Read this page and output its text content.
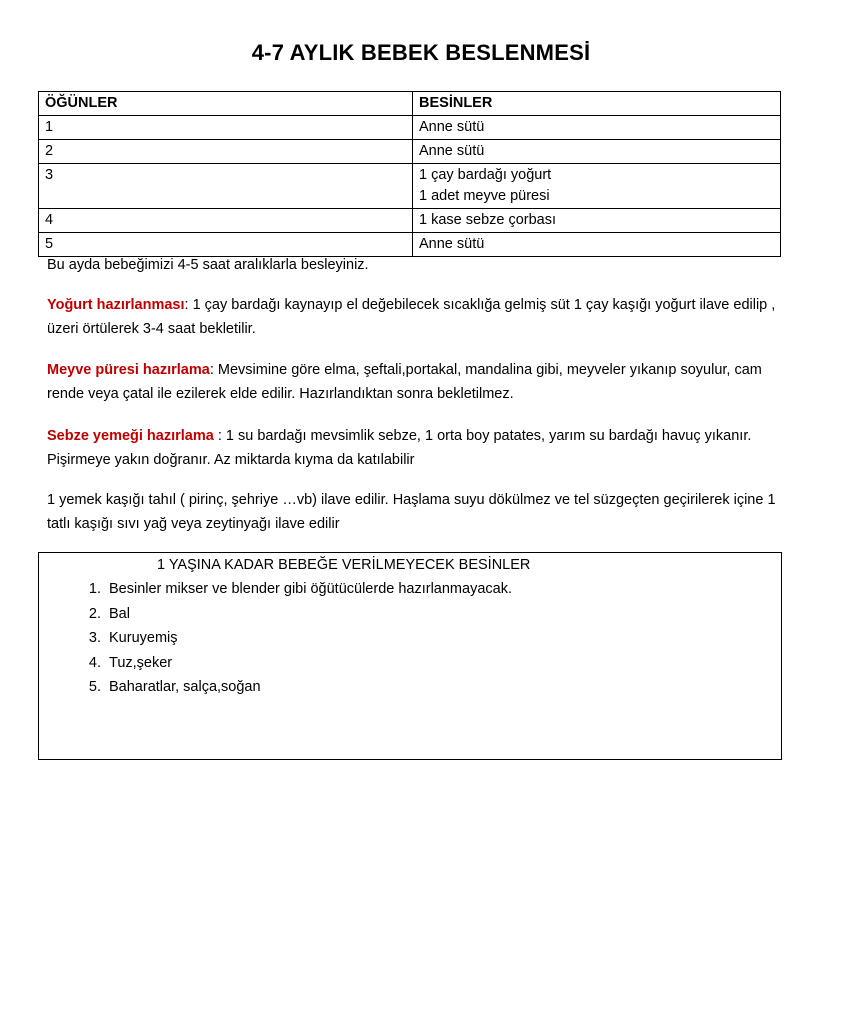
4-7 AYLIK BEBEK BESLENMESİ
ÖĞÜNLER	BESİNLER
1	Anne sütü

2	Anne sütü

3	1 çay bardağı yoğurt
1 adet meyve püresi

4	1 kase sebze çorbası

5	Anne sütü
Bu ayda bebeğimizi 4-5 saat aralıklarla besleyiniz.
Yoğurt hazırlanması: 1 çay bardağı kaynayıp el değebilecek sıcaklığa gelmiş süt 1 çay kaşığı yoğurt ilave edilip , üzeri örtülerek 3-4 saat bekletilir.
Meyve püresi hazırlama: Mevsimine göre elma, şeftali,portakal, mandalina gibi, meyveler yıkanıp soyulur, cam rende veya çatal ile ezilerek elde edilir. Hazırlandıktan sonra bekletilmez.
Sebze yemeği hazırlama : 1 su bardağı mevsimlik sebze, 1 orta boy patates, yarım su bardağı havuç yıkanır. Pişirmeye yakın doğranır. Az miktarda kıyma da katılabilir
1 yemek kaşığı tahıl ( pirinç, şehriye …vb) ilave edilir. Haşlama suyu dökülmez ve tel süzgeçten geçirilerek içine 1 tatlı kaşığı sıvı yağ veya zeytinyağı ilave edilir
1 YAŞINA KADAR BEBEĞE VERİLMEYECEK BESİNLER
1. Besinler mikser ve blender gibi öğütücülerde hazırlanmayacak.
2. Bal
3. Kuruyemiş
4. Tuz,şeker
5. Baharatlar, salça,soğan
